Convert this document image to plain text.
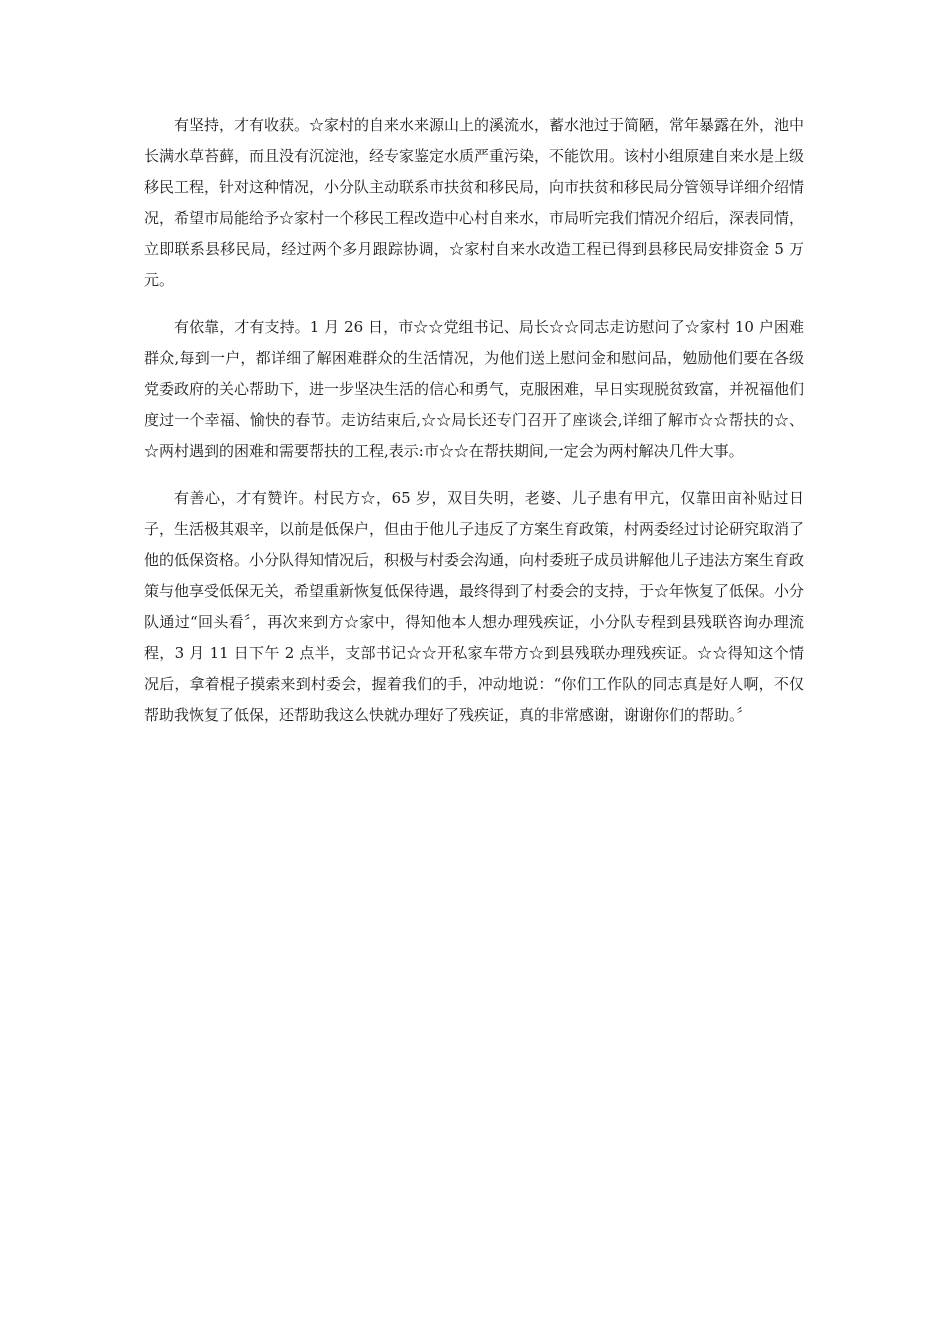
有坚持，才有收获。☆家村的自来水来源山上的溪流水，蓄水池过于简陋，常年暴露在外，池中长满水草苔藓，而且没有沉淀池，经专家鉴定水质严重污染，不能饮用。该村小组原建自来水是上级移民工程，针对这种情况，小分队主动联系市扶贫和移民局，向市扶贫和移民局分管领导详细介绍情况，希望市局能给予☆家村一个移民工程改造中心村自来水，市局听完我们情况介绍后，深表同情，立即联系县移民局，经过两个多月跟踪协调，☆家村自来水改造工程已得到县移民局安排资金 5 万元。

有依靠，才有支持。1 月 26 日，市☆☆党组书记、局长☆☆同志走访慰问了☆家村 10 户困难群众,每到一户，都详细了解困难群众的生活情况，为他们送上慰问金和慰问品，勉励他们要在各级党委政府的关心帮助下，进一步坚决生活的信心和勇气，克服困难，早日实现脱贫致富，并祝福他们度过一个幸福、愉快的春节。走访结束后,☆☆局长还专门召开了座谈会,详细了解市☆☆帮扶的☆、☆两村遇到的困难和需要帮扶的工程,表示:市☆☆在帮扶期间,一定会为两村解决几件大事。

有善心，才有赞许。村民方☆，65 岁，双目失明，老婆、儿子患有甲亢，仅靠田亩补贴过日子，生活极其艰辛，以前是低保户，但由于他儿子违反了方案生育政策，村两委经过讨论研究取消了他的低保资格。小分队得知情况后，积极与村委会沟通，向村委班子成员讲解他儿子违法方案生育政策与他享受低保无关，希望重新恢复低保待遇，最终得到了村委会的支持，于☆年恢复了低保。小分队通过“回头看〞，再次来到方☆家中，得知他本人想办理残疾证，小分队专程到县残联咨询办理流程，3 月 11 日下午 2 点半，支部书记☆☆开私家车带方☆到县残联办理残疾证。☆☆得知这个情况后，拿着棍子摸索来到村委会，握着我们的手，冲动地说：“你们工作队的同志真是好人啊，不仅帮助我恢复了低保，还帮助我这么快就办理好了残疾证，真的非常感谢，谢谢你们的帮助。〞
